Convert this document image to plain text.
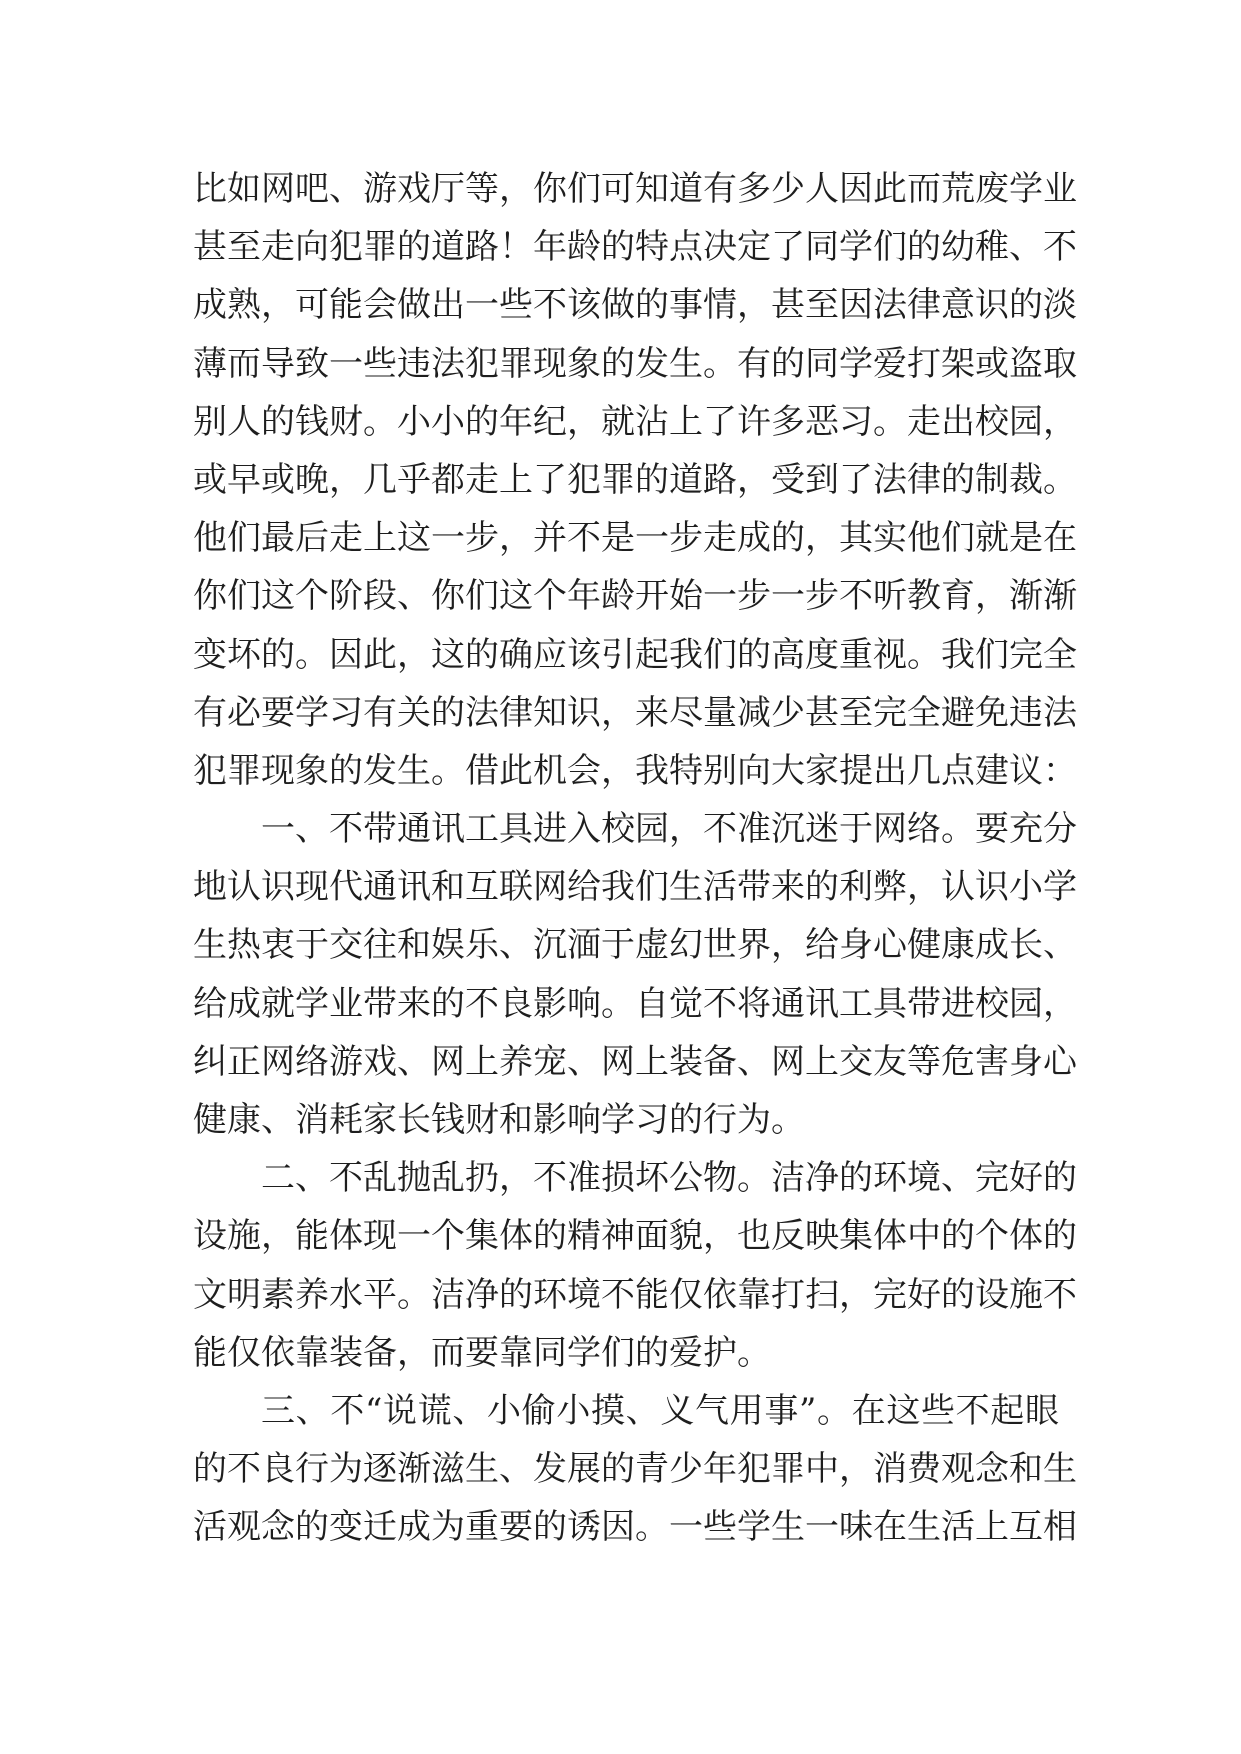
比如网吧、游戏厅等，你们可知道有多少人因此而荒废学业
甚至走向犯罪的道路！年龄的特点决定了同学们的幼稚、不
成熟，可能会做出一些不该做的事情，甚至因法律意识的淡
薄而导致一些违法犯罪现象的发生。有的同学爱打架或盗取
别人的钱财。小小的年纪，就沾上了许多恶习。走出校园，
或早或晚，几乎都走上了犯罪的道路，受到了法律的制裁。
他们最后走上这一步，并不是一步走成的，其实他们就是在
你们这个阶段、你们这个年龄开始一步一步不听教育，渐渐
变坏的。因此，这的确应该引起我们的高度重视。我们完全
有必要学习有关的法律知识，来尽量减少甚至完全避免违法
犯罪现象的发生。借此机会，我特别向大家提出几点建议：
一、不带通讯工具进入校园，不准沉迷于网络。要充分
地认识现代通讯和互联网给我们生活带来的利弊，认识小学
生热衷于交往和娱乐、沉湎于虚幻世界，给身心健康成长、
给成就学业带来的不良影响。自觉不将通讯工具带进校园，
纠正网络游戏、网上养宠、网上装备、网上交友等危害身心
健康、消耗家长钱财和影响学习的行为。
二、不乱抛乱扔，不准损坏公物。洁净的环境、完好的
设施，能体现一个集体的精神面貌，也反映集体中的个体的
文明素养水平。洁净的环境不能仅依靠打扫，完好的设施不
能仅依靠装备，而要靠同学们的爱护。
三、不“说谎、小偷小摸、义气用事”。在这些不起眼
的不良行为逐渐滋生、发展的青少年犯罪中，消费观念和生
活观念的变迁成为重要的诱因。一些学生一味在生活上互相
